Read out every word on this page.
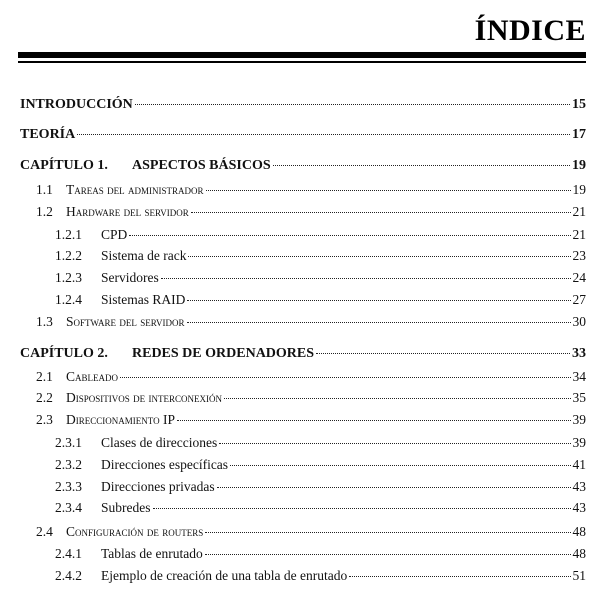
ÍNDICE
INTRODUCCIÓN	15
TEORÍA	17
CAPÍTULO 1.	ASPECTOS BÁSICOS	19
1.1 Tareas del administrador	19
1.2 Hardware del servidor	21
1.2.1	CPD	21
1.2.2	Sistema de rack	23
1.2.3	Servidores	24
1.2.4	Sistemas RAID	27
1.3 Software del servidor	30
CAPÍTULO 2.	REDES DE ORDENADORES	33
2.1 Cableado	34
2.2 Dispositivos de interconexión	35
2.3 Direccionamiento IP	39
2.3.1	Clases de direcciones	39
2.3.2	Direcciones específicas	41
2.3.3	Direcciones privadas	43
2.3.4	Subredes	43
2.4 Configuración de routers	48
2.4.1	Tablas de enrutado	48
2.4.2	Ejemplo de creación de una tabla de enrutado	51
